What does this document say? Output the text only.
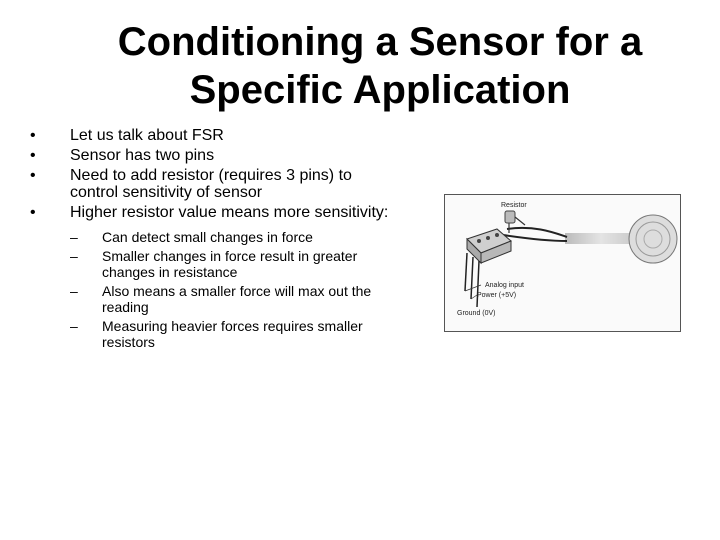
Conditioning a Sensor for a
Specific Application
• Let us talk about FSR
• Sensor has two pins
• Need to add resistor (requires 3 pins) to control sensitivity of sensor
• Higher resistor value means more sensitivity:
– Can detect small changes in force
– Smaller changes in force result in greater changes in resistance
– Also means a smaller force will max out the reading
– Measuring heavier forces requires smaller resistors
Resistor
Analog input
Power (+5V)
Ground (0V)
